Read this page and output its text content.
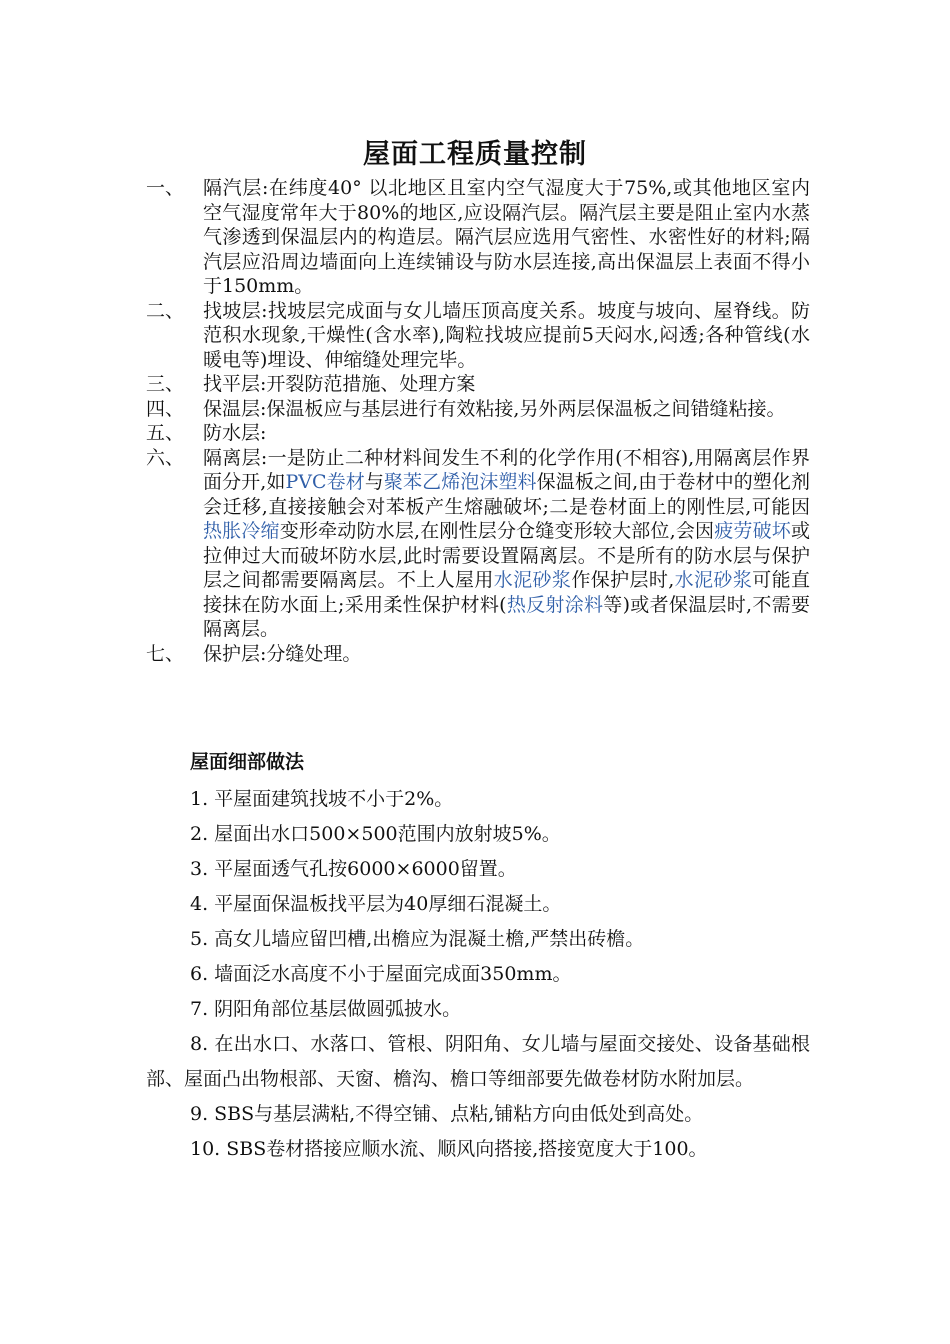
屋面工程质量控制
一、 隔汽层:在纬度40° 以北地区且室内空气湿度大于75%,或其他地区室内空气湿度常年大于80%的地区,应设隔汽层。隔汽层主要是阻止室内水蒸气渗透到保温层内的构造层。隔汽层应选用气密性、水密性好的材料;隔汽层应沿周边墙面向上连续铺设与防水层连接,高出保温层上表面不得小于150mm。
二、 找坡层:找坡层完成面与女儿墙压顶高度关系。坡度与坡向、屋脊线。防范积水现象,干燥性(含水率),陶粒找坡应提前5天闷水,闷透;各种管线(水暖电等)埋设、伸缩缝处理完毕。
三、 找平层:开裂防范措施、处理方案
四、 保温层:保温板应与基层进行有效粘接,另外两层保温板之间错缝粘接。
五、 防水层:
六、 隔离层:一是防止二种材料间发生不利的化学作用(不相容),用隔离层作界面分开,如PVC卷材与聚苯乙烯泡沫塑料保温板之间,由于卷材中的塑化剂会迁移,直接接触会对苯板产生熔融破坏;二是卷材面上的刚性层,可能因热胀冷缩变形牵动防水层,在刚性层分仓缝变形较大部位,会因疲劳破坏或拉伸过大而破坏防水层,此时需要设置隔离层。不是所有的防水层与保护层之间都需要隔离层。不上人屋用水泥砂浆作保护层时,水泥砂浆可能直接抹在防水面上;采用柔性保护材料(热反射涂料等)或者保温层时,不需要隔离层。
七、 保护层:分缝处理。
屋面细部做法
1. 平屋面建筑找坡不小于2%。
2. 屋面出水口500×500范围内放射坡5%。
3. 平屋面透气孔按6000×6000留置。
4. 平屋面保温板找平层为40厚细石混凝土。
5. 高女儿墙应留凹槽,出檐应为混凝土檐,严禁出砖檐。
6. 墙面泛水高度不小于屋面完成面350mm。
7. 阴阳角部位基层做圆弧披水。
8. 在出水口、水落口、管根、阴阳角、女儿墙与屋面交接处、设备基础根部、屋面凸出物根部、天窗、檐沟、檐口等细部要先做卷材防水附加层。
9. SBS与基层满粘,不得空铺、点粘,铺粘方向由低处到高处。
10. SBS卷材搭接应顺水流、顺风向搭接,搭接宽度大于100。
